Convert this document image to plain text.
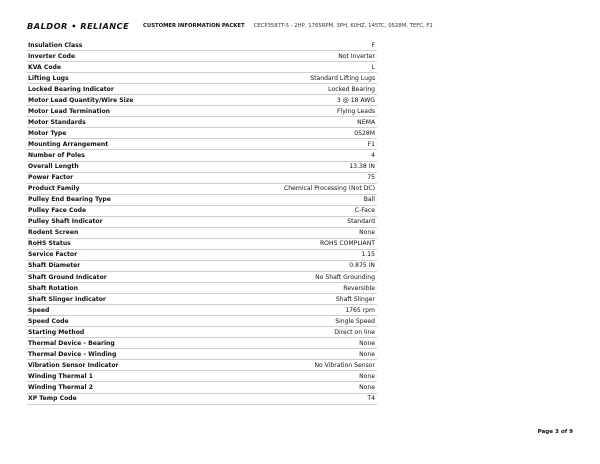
BALDOR • RELIANCE	CUSTOMER INFORMATION PACKET CECP3587T-5 - 2HP, 1765RPM, 3PH, 60HZ, 145TC, 0528M, TEFC, F1
Insulation Class	F
Inverter Code	Not Inverter
KVA Code	L
Lifting Lugs	Standard Lifting Lugs
Locked Bearing Indicator	Locked Bearing
Motor Lead Quantity/Wire Size	3 @ 18 AWG
Motor Lead Termination	Flying Leads
Motor Standards	NEMA
Motor Type	0528M
Mounting Arrangement	F1
Number of Poles	4
Overall Length	13.38 IN
Power Factor	75
Product Family	Chemical Processing (Not DC)
Pulley End Bearing Type	Ball
Pulley Face Code	C-Face
Pulley Shaft Indicator	Standard
Rodent Screen	None
RoHS Status	ROHS COMPLIANT
Service Factor	1.15
Shaft Diameter	0.875 IN
Shaft Ground Indicator	No Shaft Grounding
Shaft Rotation	Reversible
Shaft Slinger Indicator	Shaft Slinger
Speed	1765 rpm
Speed Code	Single Speed
Starting Method	Direct on line
Thermal Device - Bearing	None
Thermal Device - Winding	None
Vibration Sensor Indicator	No Vibration Sensor
Winding Thermal 1	None
Winding Thermal 2	None
XP Temp Code	T4
Page 3 of 9
